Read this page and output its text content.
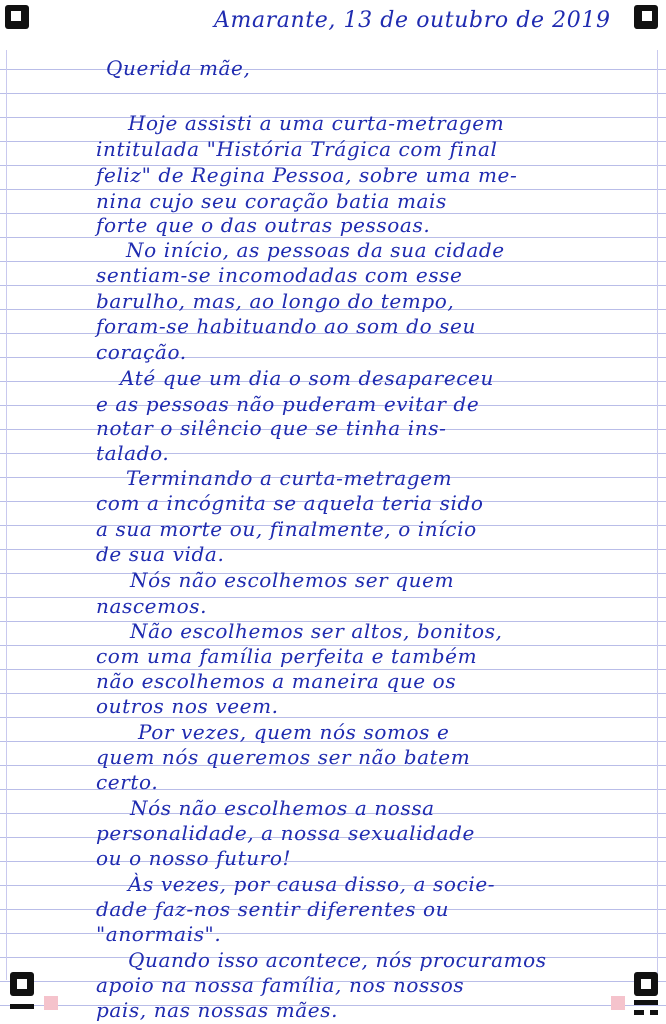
Amarante, 13 de outubro de 2019
Querida mãe,
Hoje assisti a uma curta-metragem
intitulada "História Trágica com final
feliz" de Regina Pessoa, sobre uma me-
nina cujo seu coração batia mais
forte que o das outras pessoas.
No início, as pessoas da sua cidade
sentiam-se incomodadas com esse
barulho, mas, ao longo do tempo,
foram-se habituando ao som do seu
coração.
Até que um dia o som desapareceu
e as pessoas não puderam evitar de
notar o silêncio que se tinha ins-
talado.
Terminando a curta-metragem
com a incógnita se aquela teria sido
a sua morte ou, finalmente, o início
de sua vida.
Nós não escolhemos ser quem
nascemos.
Não escolhemos ser altos, bonitos,
com uma família perfeita e também
não escolhemos a maneira que os
outros nos veem.
Por vezes, quem nós somos e
quem nós queremos ser não batem
certo.
Nós não escolhemos a nossa
personalidade, a nossa sexualidade
ou o nosso futuro!
Às vezes, por causa disso, a socie-
dade faz-nos sentir diferentes ou
"anormais".
Quando isso acontece, nós procuramos
apoio na nossa família, nos nossos
pais, nas nossas mães.
